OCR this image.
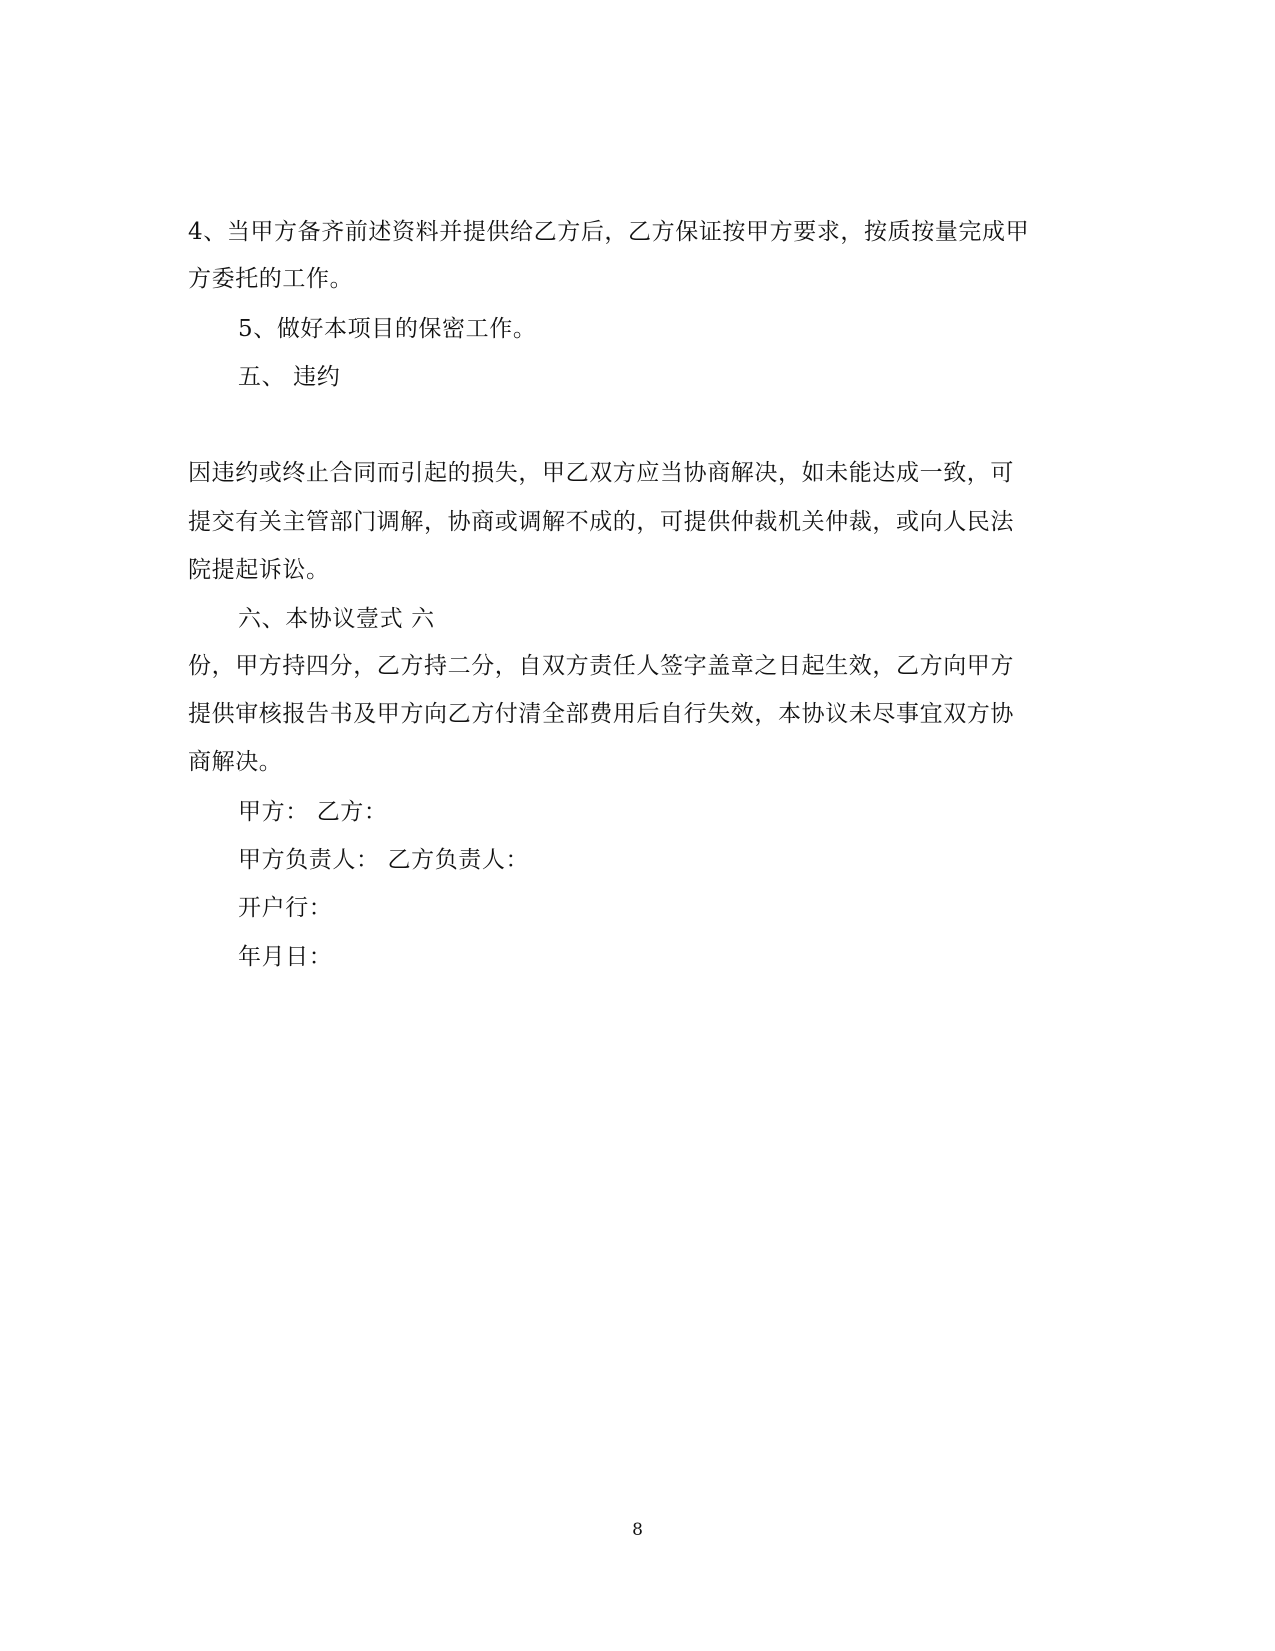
4、当甲方备齐前述资料并提供给乙方后，乙方保证按甲方要求，按质按量完成甲
方委托的工作。
5、做好本项目的保密工作。
五、 违约
因违约或终止合同而引起的损失，甲乙双方应当协商解决，如未能达成一致，可
提交有关主管部门调解，协商或调解不成的，可提供仲裁机关仲裁，或向人民法
院提起诉讼。
六、本协议壹式 六
份，甲方持四分，乙方持二分，自双方责任人签字盖章之日起生效，乙方向甲方
提供审核报告书及甲方向乙方付清全部费用后自行失效，本协议未尽事宜双方协
商解决。
甲方： 乙方：
甲方负责人： 乙方负责人：
开户行：
年月日：
8
